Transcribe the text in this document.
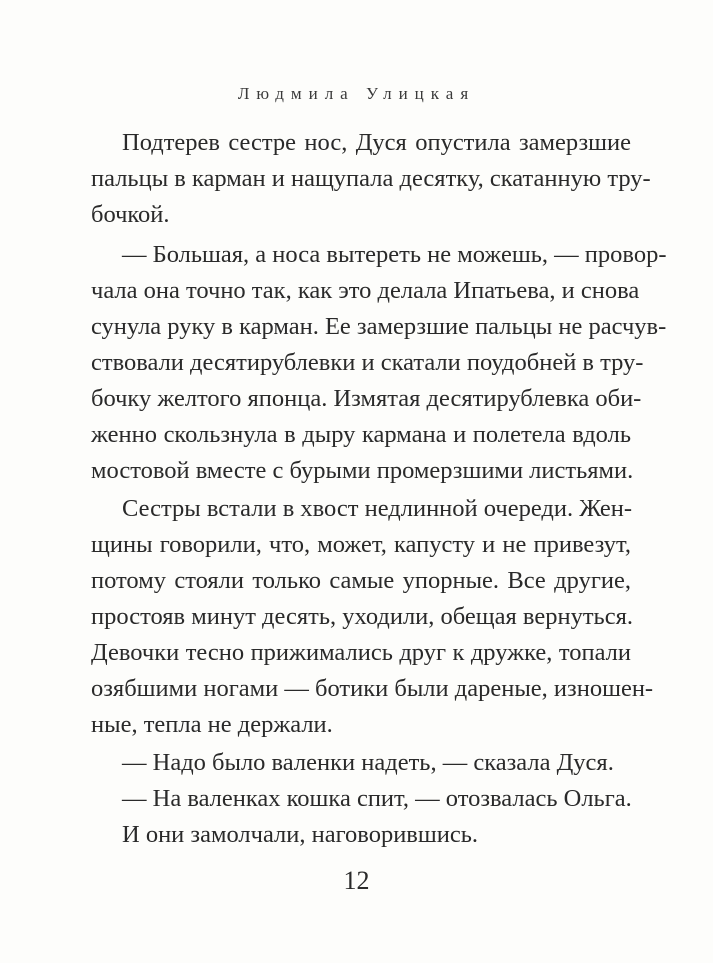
Людмила Улицкая
Подтерев сестре нос, Дуся опустила замерзшие
пальцы в карман и нащупала десятку, скатанную тру-
бочкой.
— Большая, а носа вытереть не можешь, — провор-
чала она точно так, как это делала Ипатьева, и снова
сунула руку в карман. Ее замерзшие пальцы не расчув-
ствовали десятирублевки и скатали поудобней в тру-
бочку желтого японца. Измятая десятирублевка оби-
женно скользнула в дыру кармана и полетела вдоль
мостовой вместе с бурыми промерзшими листьями.
Сестры встали в хвост недлинной очереди. Жен-
щины говорили, что, может, капусту и не привезут,
потому стояли только самые упорные. Все другие,
простояв минут десять, уходили, обещая вернуться.
Девочки тесно прижимались друг к дружке, топали
озябшими ногами — ботики были дареные, изношен-
ные, тепла не держали.
— Надо было валенки надеть, — сказала Дуся.
— На валенках кошка спит, — отозвалась Ольга.
И они замолчали, наговорившись.
12
